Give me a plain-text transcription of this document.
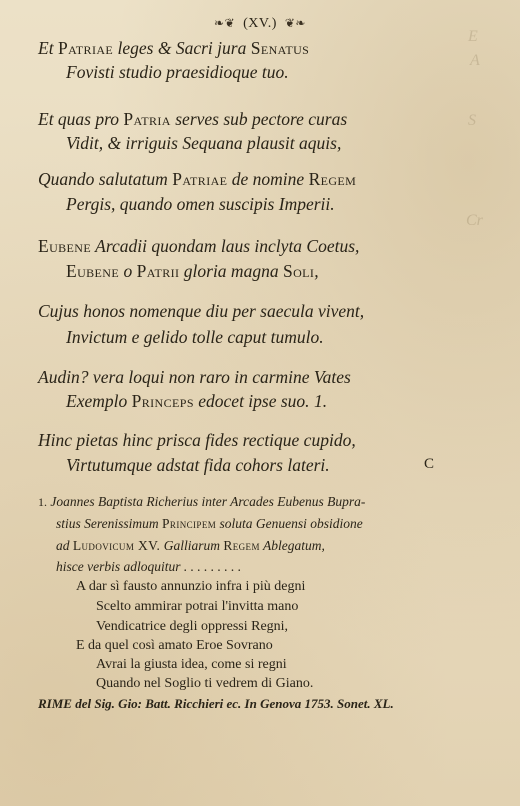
E
A
S
Cr
❧❦ (XV.) ❦❧
Et Patriae leges & Sacri jura Senatus
Fovisti studio praesidioque tuo.
Et quas pro Patria serves sub pectore curas
Vidit, & irriguis Sequana plausit aquis,
Quando salutatum Patriae de nomine Regem
Pergis, quando omen suscipis Imperii.
Eubene Arcadii quondam laus inclyta Coetus,
Eubene o Patrii gloria magna Soli,
Cujus honos nomenque diu per saecula vivent,
Invictum e gelido tolle caput tumulo.
Audin? vera loqui non raro in carmine Vates
Exemplo Princeps edocet ipse suo. 1.
Hinc pietas hinc prisca fides rectique cupido,
Virtutumque adstat fida cohors lateri.	C
1. Joannes Baptista Richerius inter Arcades Eubenus Bupra-
stius Serenissimum Principem soluta Genuensi obsidione
ad Ludovicum XV. Galliarum Regem Ablegatum,
hisce verbis adloquitur . . . . . . . . .
A dar sì fausto annunzio infra i più degni
Scelto ammirar potrai l'invitta mano
Vendicatrice degli oppressi Regni,
E da quel così amato Eroe Sovrano
Avrai la giusta idea, come si regni
Quando nel Soglio ti vedrem di Giano.
RIME del Sig. Gio: Batt. Ricchieri ec. In Genova 1753. Sonet. XL.
